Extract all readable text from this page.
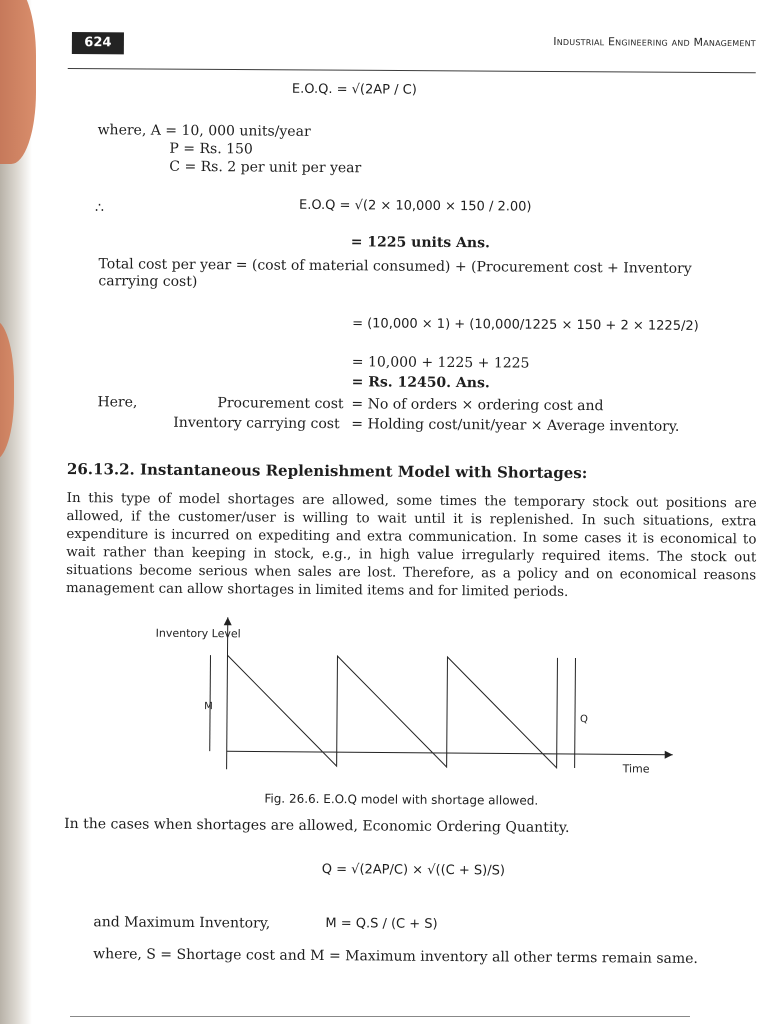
624	Industrial Engineering and Management
E.O.Q. = √(2AP / C)
where, A = 10, 000 units/year
P = Rs. 150
C = Rs. 2 per unit per year
∴	E.O.Q = √(2 × 10,000 × 150 / 2.00)
= 1225 units Ans.
Total cost per year = (cost of material consumed) + (Procurement cost + Inventory carrying cost)
= (10,000 × 1) + (10,000/1225 × 150 + 2 × 1225/2)
= 10,000 + 1225 + 1225
= Rs. 12450. Ans.
Here,	Procurement cost = No of orders × ordering cost and
Inventory carrying cost = Holding cost/unit/year × Average inventory.
26.13.2. Instantaneous Replenishment Model with Shortages:
In this type of model shortages are allowed, some times the temporary stock out positions are allowed, if the customer/user is willing to wait until it is replenished. In such situations, extra expenditure is incurred on expediting and extra communication. In some cases it is economical to wait rather than keeping in stock, e.g., in high value irregularly required items. The stock out situations become serious when sales are lost. Therefore, as a policy and on economical reasons management can allow shortages in limited items and for limited periods.
Inventory Level
M
Q
Time
Fig. 26.6. E.O.Q model with shortage allowed.
In the cases when shortages are allowed, Economic Ordering Quantity.
Q = √(2AP/C) × √((C + S)/S)
and Maximum Inventory,	M = Q.S / (C + S)
where, S = Shortage cost and M = Maximum inventory all other terms remain same.
